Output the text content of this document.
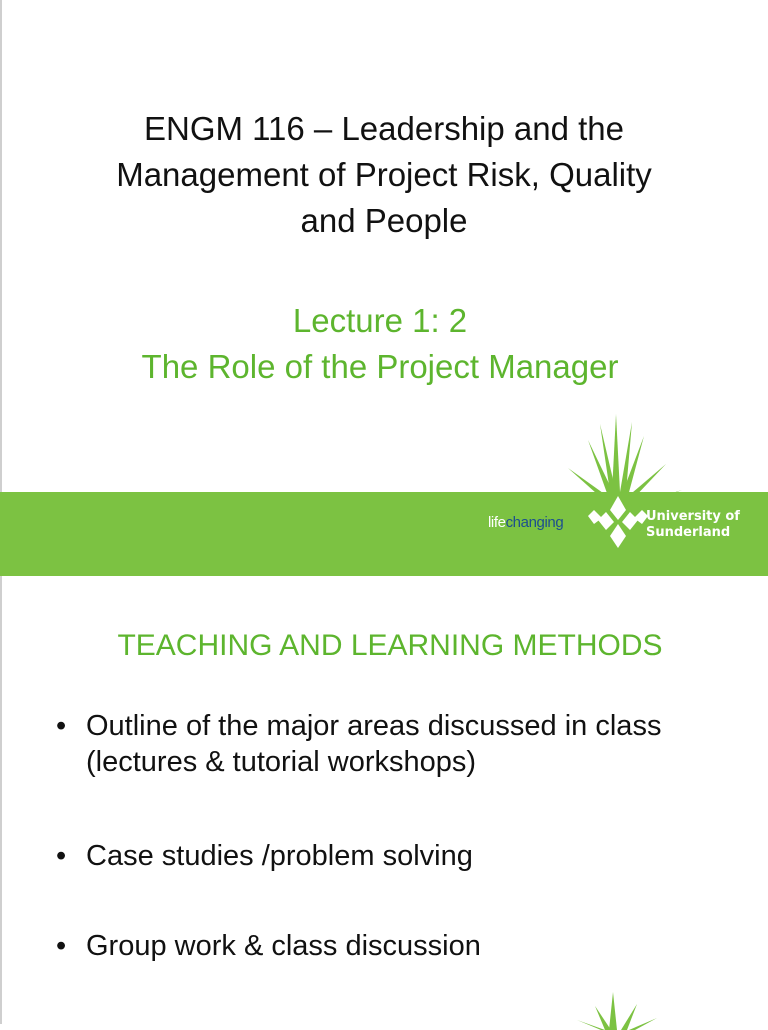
ENGM 116 – Leadership and the
Management of Project Risk, Quality
and People
Lecture 1: 2
The Role of the Project Manager
lifechanging	University of
Sunderland
TEACHING AND LEARNING METHODS
• Outline of the major areas discussed in class (lectures & tutorial workshops)
• Case studies /problem solving
• Group work & class discussion
